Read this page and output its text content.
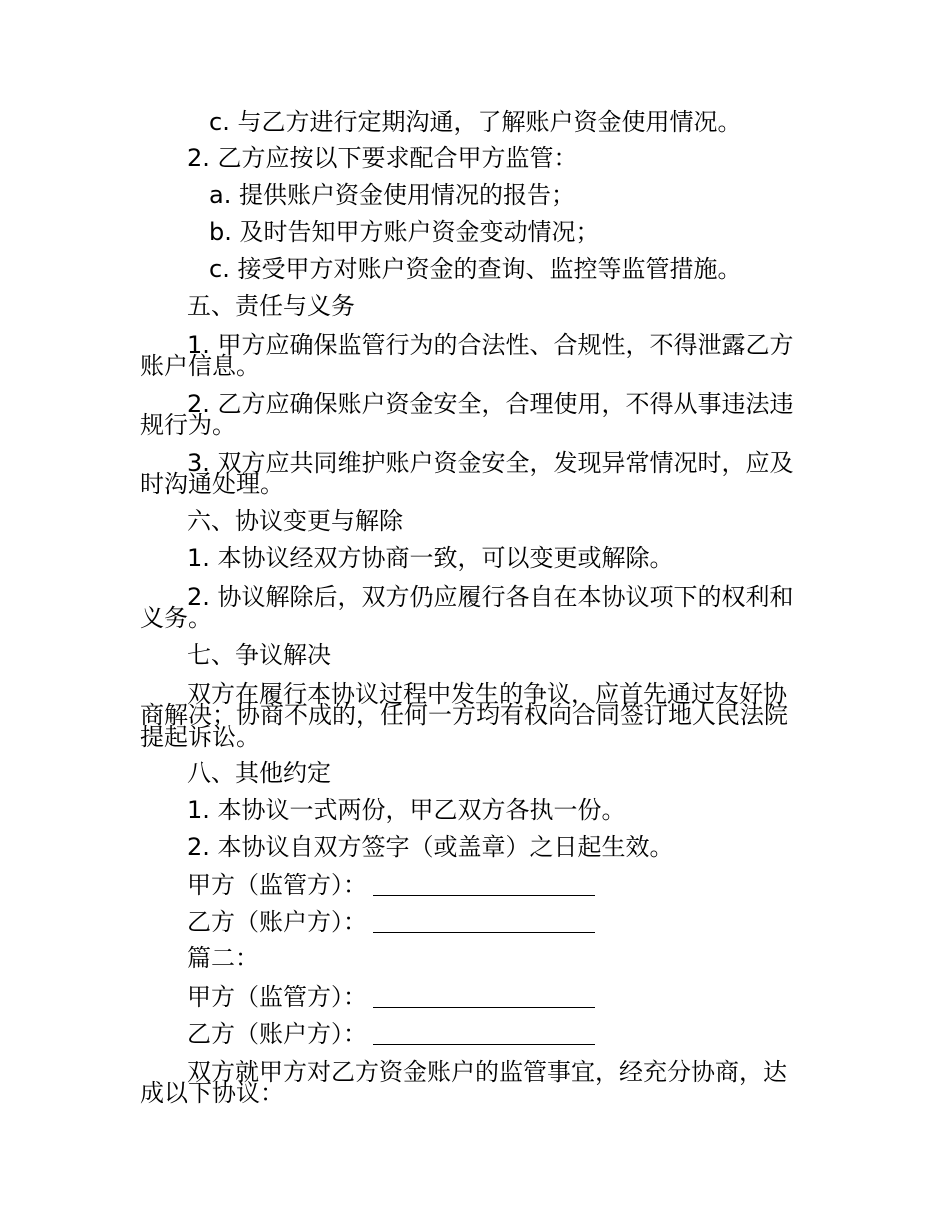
c. 与乙方进行定期沟通，了解账户资金使用情况。
2. 乙方应按以下要求配合甲方监管：
a. 提供账户资金使用情况的报告；
b. 及时告知甲方账户资金变动情况；
c. 接受甲方对账户资金的查询、监控等监管措施。
五、责任与义务
1. 甲方应确保监管行为的合法性、合规性，不得泄露乙方
账户信息。
2. 乙方应确保账户资金安全，合理使用，不得从事违法违
规行为。
3. 双方应共同维护账户资金安全，发现异常情况时，应及
时沟通处理。
六、协议变更与解除
1. 本协议经双方协商一致，可以变更或解除。
2. 协议解除后，双方仍应履行各自在本协议项下的权利和
义务。
七、争议解决
双方在履行本协议过程中发生的争议，应首先通过友好协
商解决；协商不成的，任何一方均有权向合同签订地人民法院
提起诉讼。
八、其他约定
1. 本协议一式两份，甲乙双方各执一份。
2. 本协议自双方签字（或盖章）之日起生效。
甲方（监管方）：
乙方（账户方）：
篇二：
甲方（监管方）：
乙方（账户方）：
双方就甲方对乙方资金账户的监管事宜，经充分协商，达
成以下协议：
